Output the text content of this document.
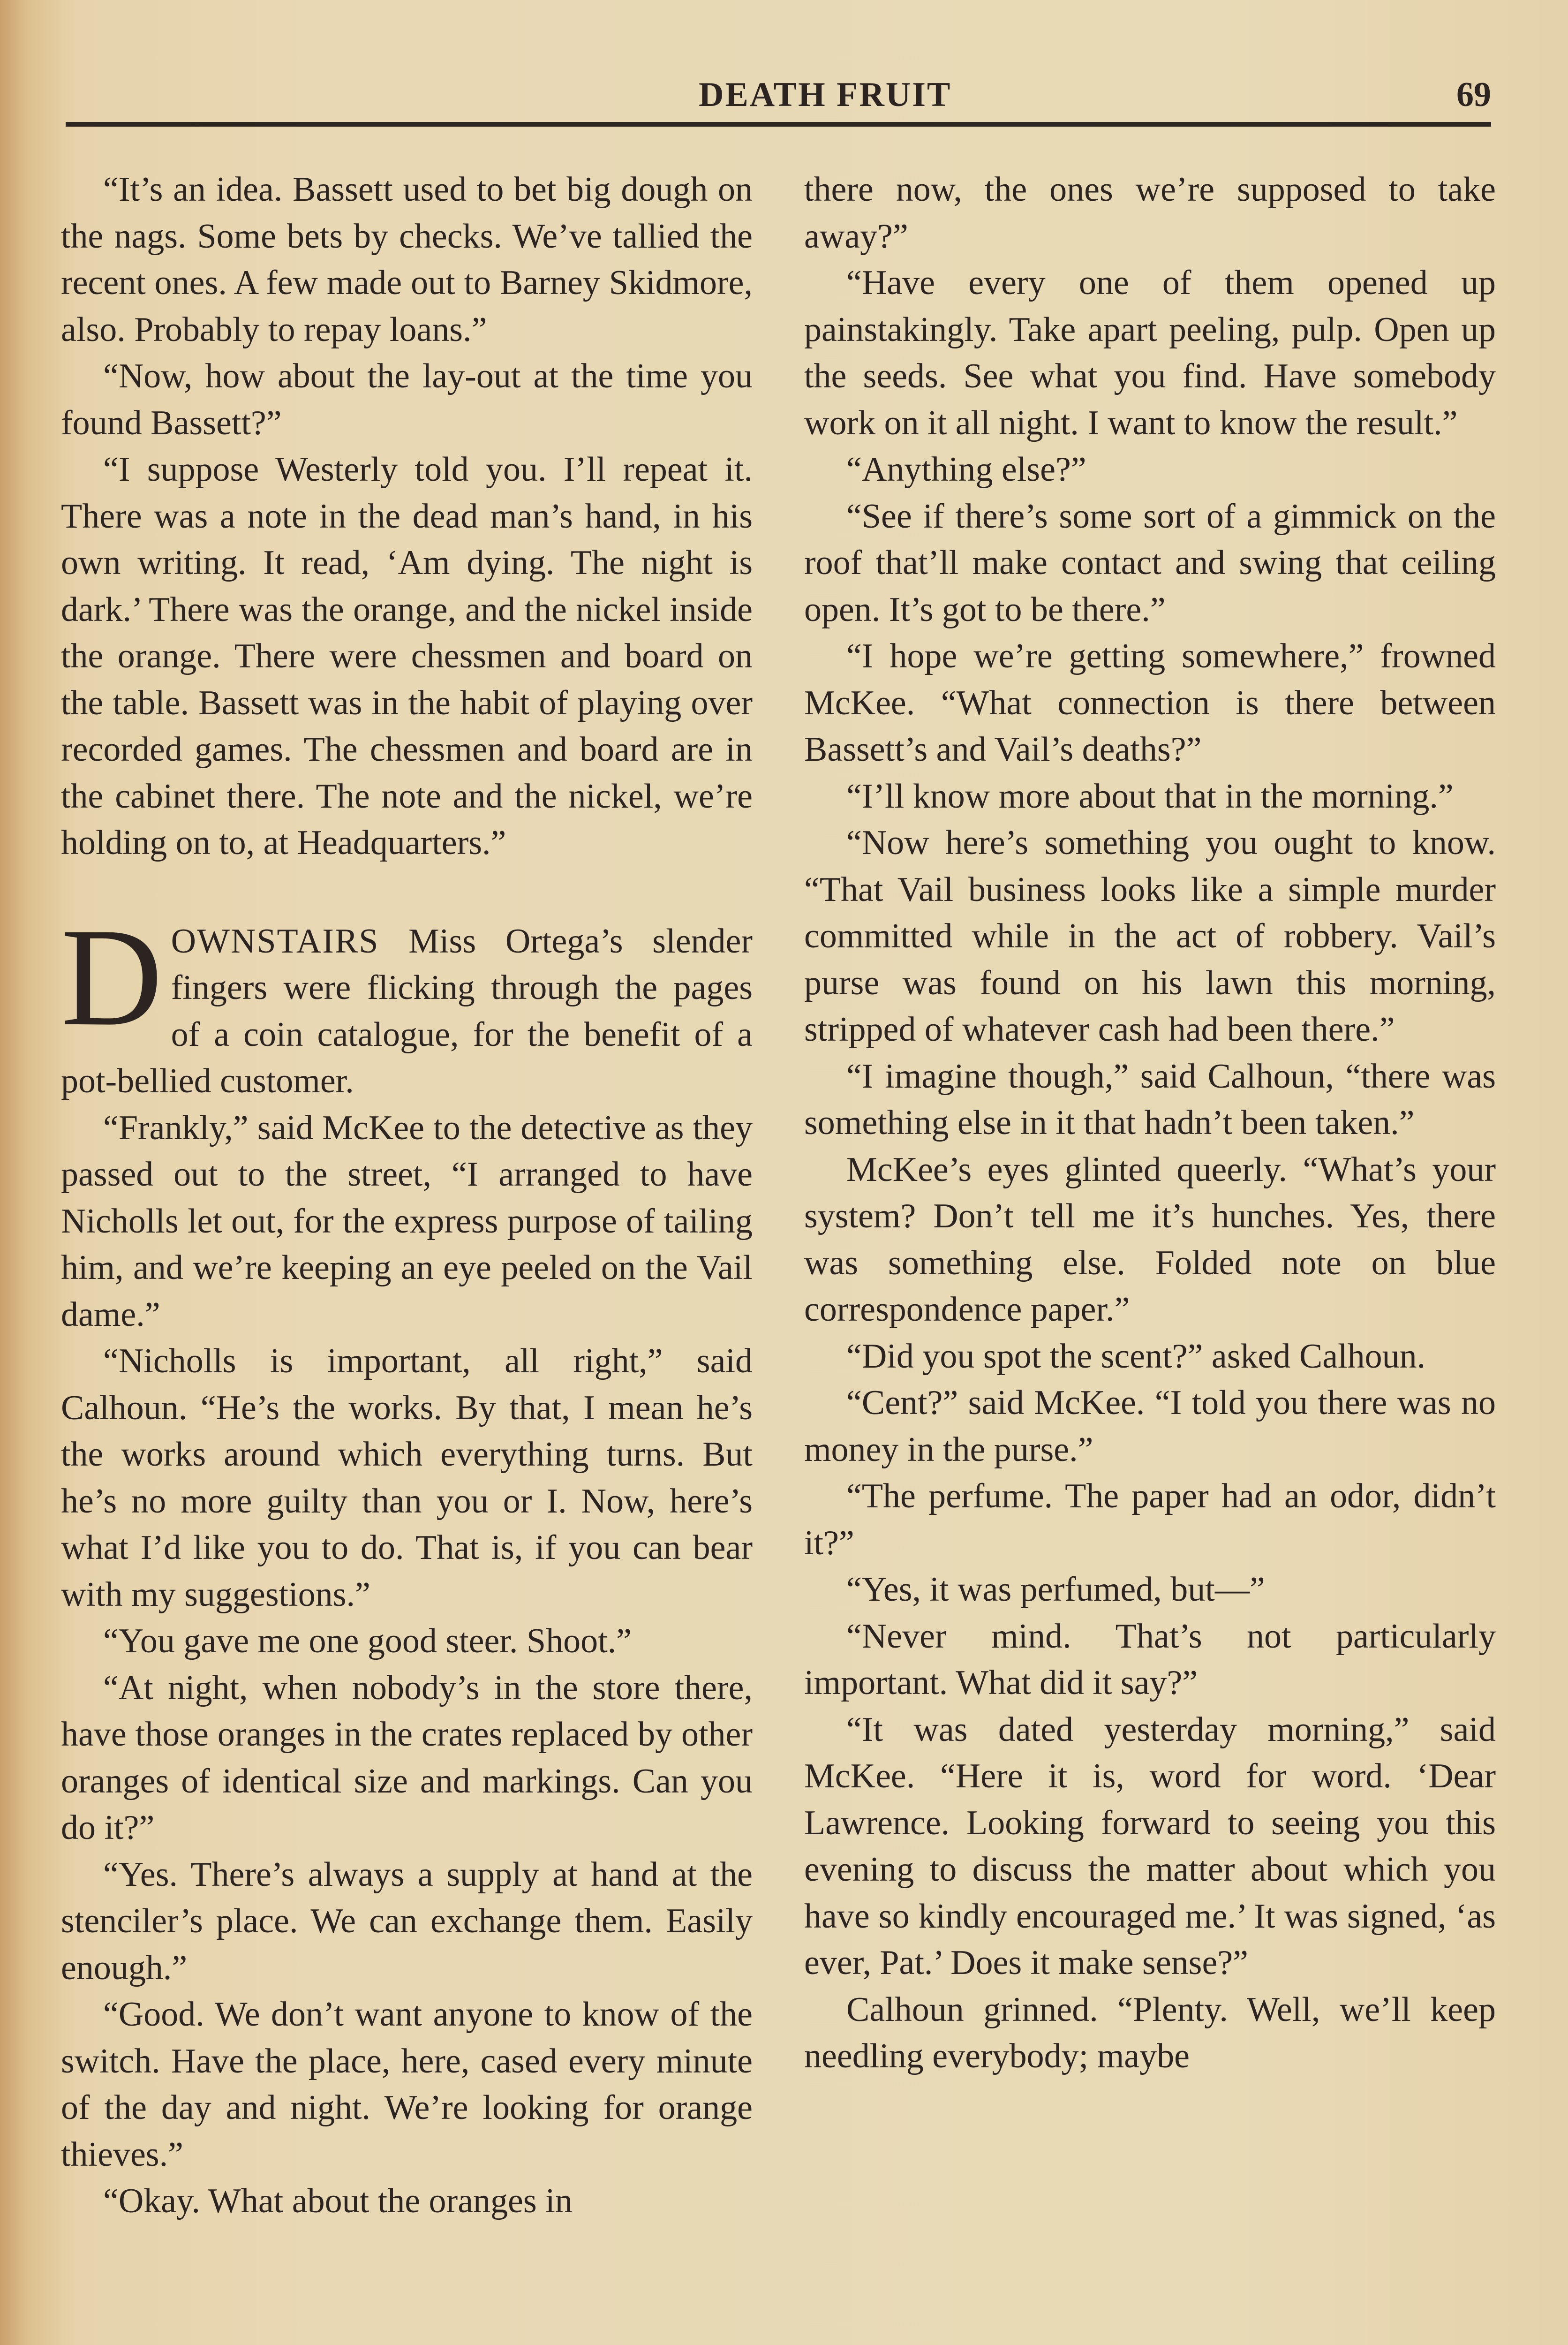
DEATH FRUIT	69

“It’s an idea. Bassett used to bet big dough on the nags. Some bets by checks. We’ve tallied the recent ones. A few made out to Barney Skidmore, also. Probably to repay loans.”

“Now, how about the lay-out at the time you found Bassett?”

“I suppose Westerly told you. I’ll repeat it. There was a note in the dead man’s hand, in his own writing. It read, ‘Am dying. The night is dark.’ There was the orange, and the nickel inside the orange. There were chessmen and board on the table. Bassett was in the habit of playing over recorded games. The chessmen and board are in the cabinet there. The note and the nickel, we’re holding on to, at Headquarters.”

DOWNSTAIRS Miss Ortega’s slender fingers were flicking through the pages of a coin catalogue, for the benefit of a pot-bellied customer.

“Frankly,” said McKee to the detective as they passed out to the street, “I arranged to have Nicholls let out, for the express purpose of tailing him, and we’re keeping an eye peeled on the Vail dame.”

“Nicholls is important, all right,” said Calhoun. “He’s the works. By that, I mean he’s the works around which everything turns. But he’s no more guilty than you or I. Now, here’s what I’d like you to do. That is, if you can bear with my suggestions.”

“You gave me one good steer. Shoot.”

“At night, when nobody’s in the store there, have those oranges in the crates replaced by other oranges of identical size and markings. Can you do it?”

“Yes. There’s always a supply at hand at the stenciler’s place. We can exchange them. Easily enough.”

“Good. We don’t want anyone to know of the switch. Have the place, here, cased every minute of the day and night. We’re looking for orange thieves.”

“Okay. What about the oranges in

there now, the ones we’re supposed to take away?”

“Have every one of them opened up painstakingly. Take apart peeling, pulp. Open up the seeds. See what you find. Have somebody work on it all night. I want to know the result.”

“Anything else?”

“See if there’s some sort of a gimmick on the roof that’ll make contact and swing that ceiling open. It’s got to be there.”

“I hope we’re getting somewhere,” frowned McKee. “What connection is there between Bassett’s and Vail’s deaths?”

“I’ll know more about that in the morning.”

“Now here’s something you ought to know. “That Vail business looks like a simple murder committed while in the act of robbery. Vail’s purse was found on his lawn this morning, stripped of whatever cash had been there.”

“I imagine though,” said Calhoun, “there was something else in it that hadn’t been taken.”

McKee’s eyes glinted queerly. “What’s your system? Don’t tell me it’s hunches. Yes, there was something else. Folded note on blue correspondence paper.”

“Did you spot the scent?” asked Calhoun.

“Cent?” said McKee. “I told you there was no money in the purse.”

“The perfume. The paper had an odor, didn’t it?”

“Yes, it was perfumed, but—”

“Never mind. That’s not particularly important. What did it say?”

“It was dated yesterday morning,” said McKee. “Here it is, word for word. ‘Dear Lawrence. Looking forward to seeing you this evening to discuss the matter about which you have so kindly encouraged me.’ It was signed, ‘as ever, Pat.’ Does it make sense?”

Calhoun grinned. “Plenty. Well, we’ll keep needling everybody; maybe
